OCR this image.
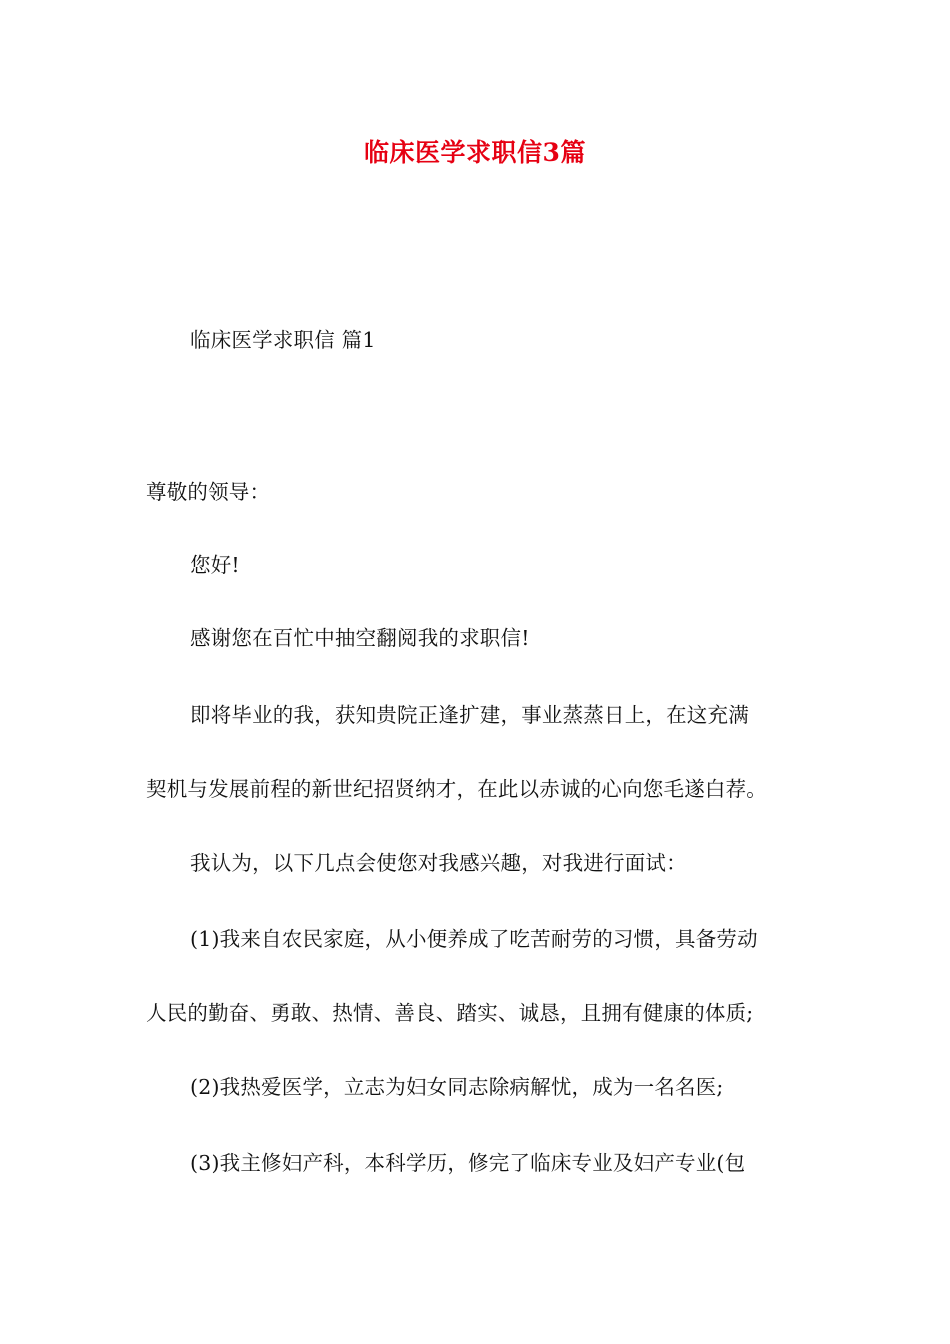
临床医学求职信3篇
临床医学求职信 篇1
尊敬的领导：
您好!
感谢您在百忙中抽空翻阅我的求职信!
即将毕业的我，获知贵院正逢扩建，事业蒸蒸日上，在这充满
契机与发展前程的新世纪招贤纳才，在此以赤诚的心向您毛遂白荐。
我认为，以下几点会使您对我感兴趣，对我进行面试：
(1)我来自农民家庭，从小便养成了吃苦耐劳的习惯，具备劳动
人民的勤奋、勇敢、热情、善良、踏实、诚恳，且拥有健康的体质;
(2)我热爱医学，立志为妇女同志除病解忧，成为一名名医;
(3)我主修妇产科，本科学历，修完了临床专业及妇产专业(包
